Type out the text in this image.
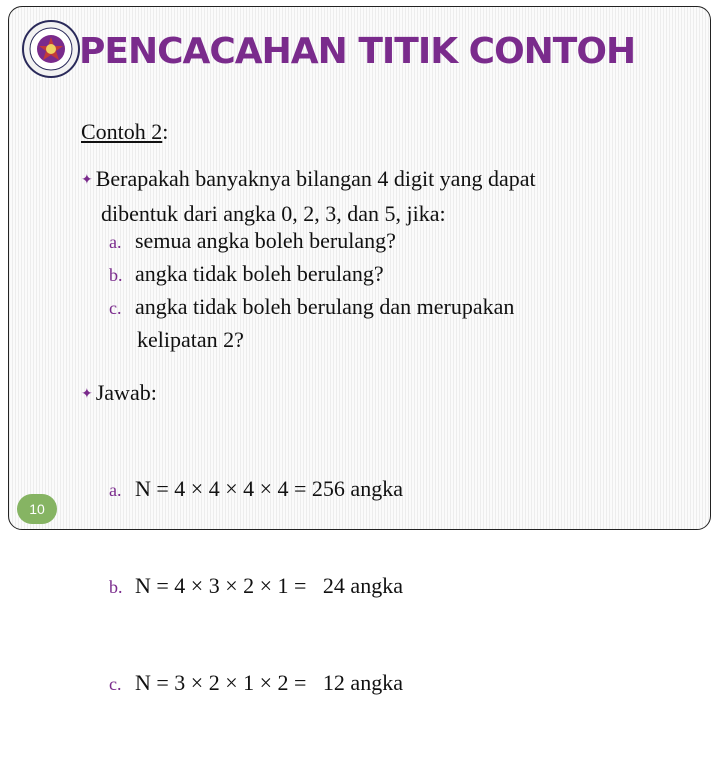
PENCACAHAN TITIK CONTOH
Contoh 2:
✦ Berapakah banyaknya bilangan 4 digit yang dapat
dibentuk dari angka 0, 2, 3, dan 5, jika:
a. semua angka boleh berulang?
b. angka tidak boleh berulang?
c. angka tidak boleh berulang dan merupakan
kelipatan 2?
✦ Jawab:

a. N = 4 × 4 × 4 × 4 = 256 angka

b. N = 4 × 3 × 2 × 1 =   24 angka

c. N = 3 × 2 × 1 × 2 =   12 angka

10
